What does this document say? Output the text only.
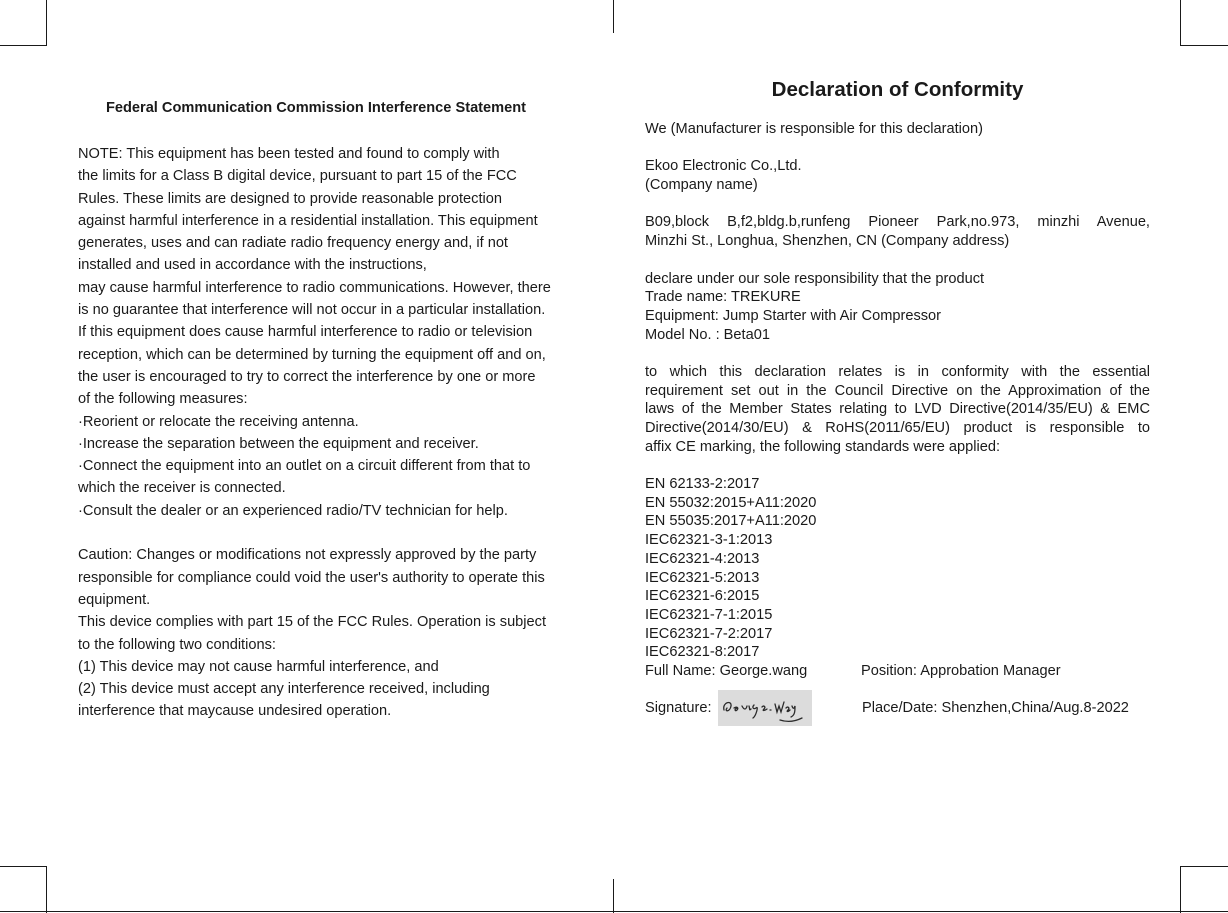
Federal Communication Commission Interference Statement
NOTE: This equipment has been tested and found to comply with
the limits for a Class B digital device, pursuant to part 15 of the FCC
Rules. These limits are designed to provide reasonable protection
against harmful interference in a residential installation. This equipment
generates, uses and can radiate radio frequency energy and, if not
installed and used in accordance with the instructions,
may cause harmful interference to radio communications. However, there
is no guarantee that interference will not occur in a particular installation.
If this equipment does cause harmful interference to radio or television
reception, which can be determined by turning the equipment off and on,
the user is encouraged to try to correct the interference by one or more
of the following measures:
·Reorient or relocate the receiving antenna.
·Increase the separation between the equipment and receiver.
·Connect the equipment into an outlet on a circuit different from that to
which the receiver is connected.
·Consult the dealer or an experienced radio/TV technician for help.
Caution: Changes or modifications not expressly approved by the party
responsible for compliance could void the user's authority to operate this
equipment.
This device complies with part 15 of the FCC Rules. Operation is subject
to the following two conditions:
(1) This device may not cause harmful interference, and
(2) This device must accept any interference received, including
interference that maycause undesired operation.
Declaration of Conformity
We (Manufacturer is responsible for this declaration)
Ekoo Electronic Co.,Ltd.
(Company name)
B09,block B,f2,bldg.b,runfeng Pioneer Park,no.973, minzhi Avenue,
Minzhi St., Longhua, Shenzhen, CN (Company address)
declare under our sole responsibility that the product
Trade name: TREKURE
Equipment: Jump Starter with Air Compressor
Model No. : Beta01
to which this declaration relates is in conformity with the essential
requirement set out in the Council Directive on the Approximation of the
laws of the Member States relating to LVD Directive(2014/35/EU) & EMC
Directive(2014/30/EU) & RoHS(2011/65/EU) product is responsible to
affix CE marking, the following standards were applied:
EN 62133-2:2017
EN 55032:2015+A11:2020
EN 55035:2017+A11:2020
IEC62321-3-1:2013
IEC62321-4:2013
IEC62321-5:2013
IEC62321-6:2015
IEC62321-7-1:2015
IEC62321-7-2:2017
IEC62321-8:2017
Full Name: George.wang	Position: Approbation Manager
Signature:	Place/Date: Shenzhen,China/Aug.8-2022
